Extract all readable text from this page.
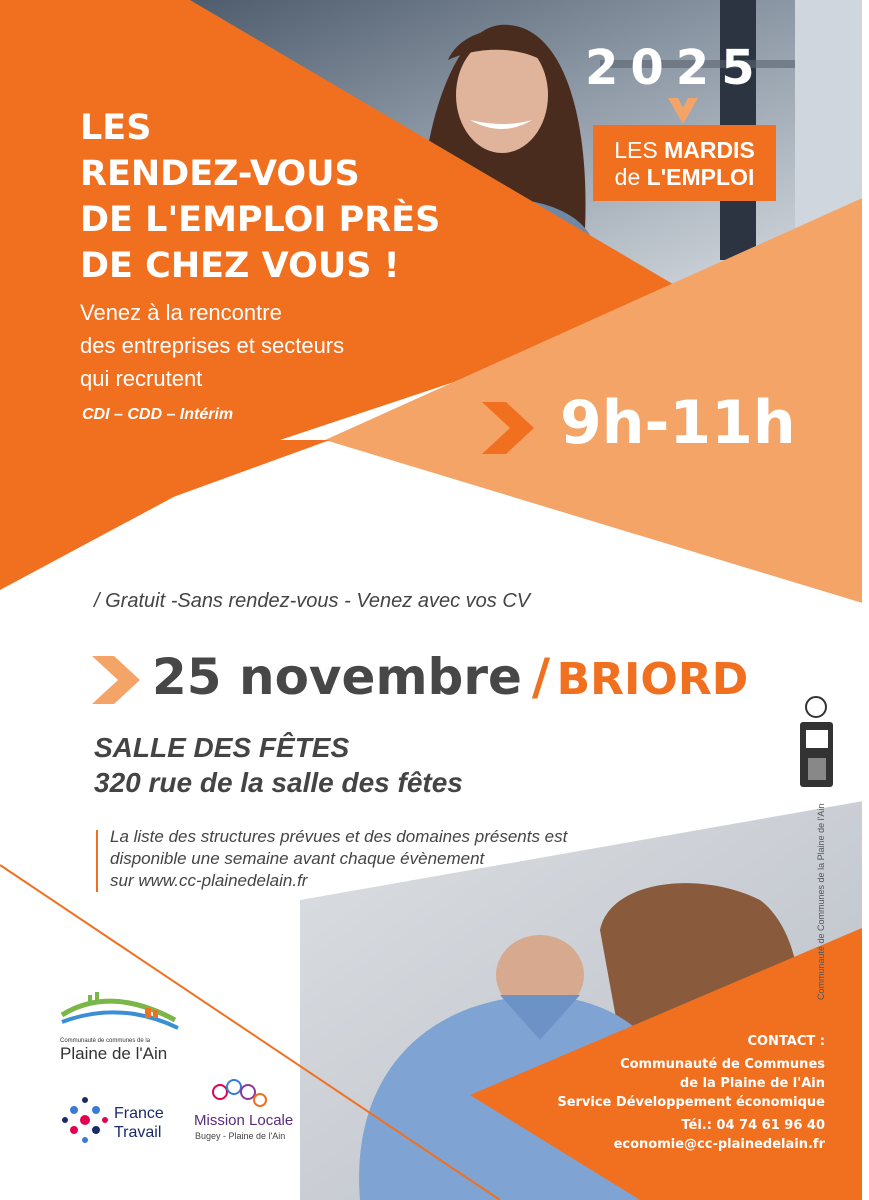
2025
LES MARDIS
de L'EMPLOI
LES
RENDEZ-VOUS
DE L'EMPLOI PRÈS
DE CHEZ VOUS !
Venez à la rencontre
des entreprises et secteurs
qui recrutent
CDI – CDD – Intérim	9h-11h
/ Gratuit -Sans rendez-vous - Venez avec vos CV
25 novembre / BRIORD
SALLE DES FÊTES
320 rue de la salle des fêtes
La liste des structures prévues et des domaines présents est
disponible une semaine avant chaque évènement
sur www.cc-plainedelain.fr	Communauté de Communes de la Plaine de l'Ain
Communauté de communes de la
Plaine de l'Ain
France
Travail
Mission Locale
Bugey - Plaine de l'Ain
CONTACT :
Communauté de Communes
de la Plaine de l'Ain
Service Développement économique
Tél.: 04 74 61 96 40
economie@cc-plainedelain.fr
